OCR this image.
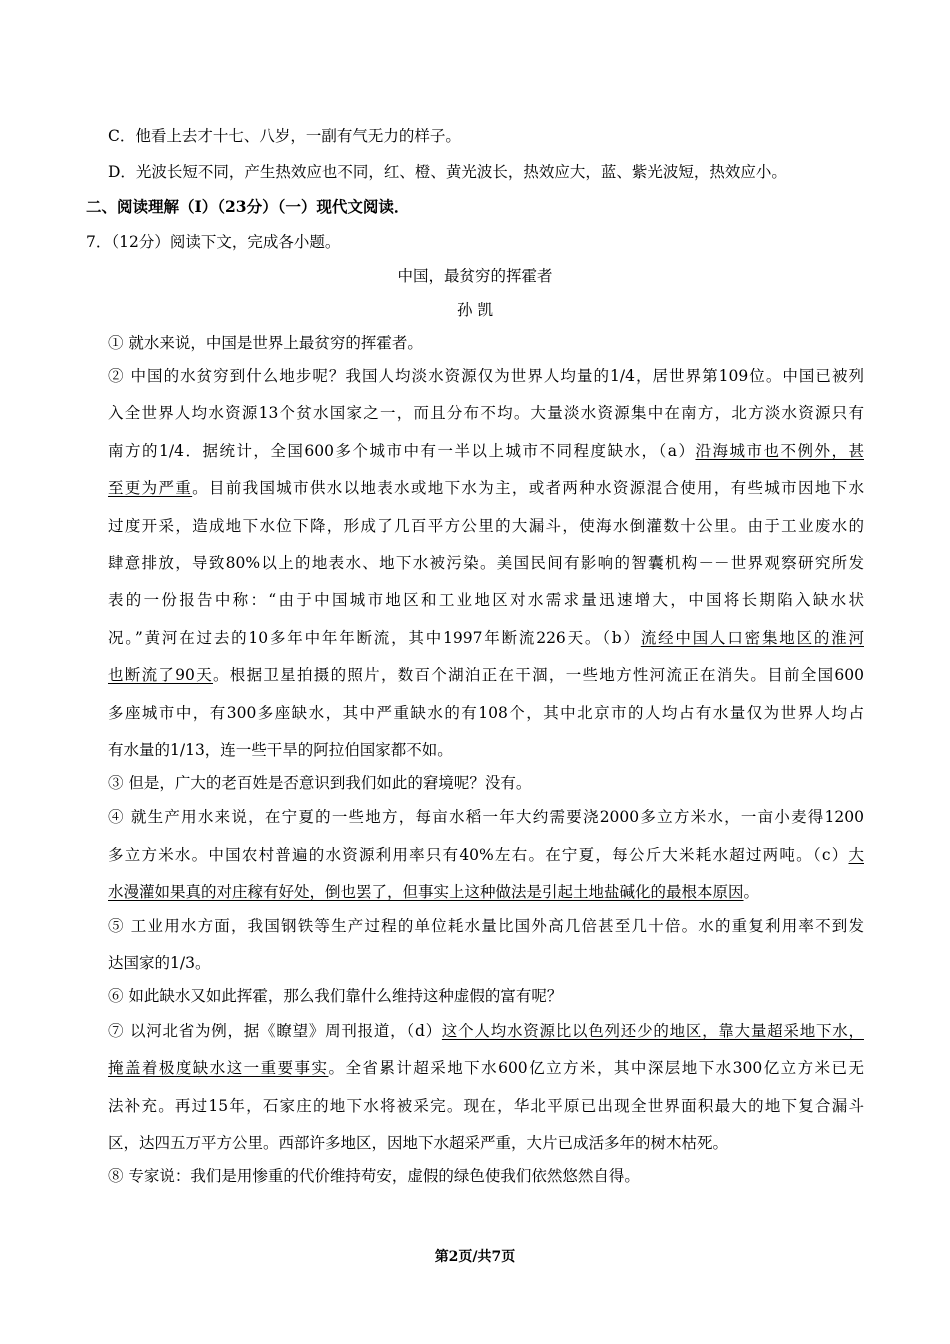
C．他看上去才十七、八岁，一副有气无力的样子。
D．光波长短不同，产生热效应也不同，红、橙、黄光波长，热效应大，蓝、紫光波短，热效应小。
二、阅读理解（Ⅰ）（23分）（一）现代文阅读．
7．（12分）阅读下文，完成各小题。
中国，最贫穷的挥霍者
孙 凯
① 就水来说，中国是世界上最贫穷的挥霍者。
② 中国的水贫穷到什么地步呢？我国人均淡水资源仅为世界人均量的1/4，居世界第109位。中国已被列
入全世界人均水资源13个贫水国家之一，而且分布不均。大量淡水资源集中在南方，北方淡水资源只有
南方的1/4．据统计，全国600多个城市中有一半以上城市不同程度缺水，（a）沿海城市也不例外，甚
至更为严重。目前我国城市供水以地表水或地下水为主，或者两种水资源混合使用，有些城市因地下水
过度开采，造成地下水位下降，形成了几百平方公里的大漏斗，使海水倒灌数十公里。由于工业废水的
肆意排放，导致80%以上的地表水、地下水被污染。美国民间有影响的智囊机构－－世界观察研究所发
表的一份报告中称：“由于中国城市地区和工业地区对水需求量迅速增大，中国将长期陷入缺水状
况。”黄河在过去的10多年中年年断流，其中1997年断流226天。（b）流经中国人口密集地区的淮河
也断流了90天。根据卫星拍摄的照片，数百个湖泊正在干涸，一些地方性河流正在消失。目前全国600
多座城市中，有300多座缺水，其中严重缺水的有108个，其中北京市的人均占有水量仅为世界人均占
有水量的1/13，连一些干旱的阿拉伯国家都不如。
③ 但是，广大的老百姓是否意识到我们如此的窘境呢？没有。
④ 就生产用水来说，在宁夏的一些地方，每亩水稻一年大约需要浇2000多立方米水，一亩小麦得1200
多立方米水。中国农村普遍的水资源利用率只有40%左右。在宁夏，每公斤大米耗水超过两吨。（c）大
水漫灌如果真的对庄稼有好处，倒也罢了，但事实上这种做法是引起土地盐碱化的最根本原因。
⑤ 工业用水方面，我国钢铁等生产过程的单位耗水量比国外高几倍甚至几十倍。水的重复利用率不到发
达国家的1/3。
⑥ 如此缺水又如此挥霍，那么我们靠什么维持这种虚假的富有呢？
⑦ 以河北省为例，据《瞭望》周刊报道，（d）这个人均水资源比以色列还少的地区，靠大量超采地下水，
掩盖着极度缺水这一重要事实。全省累计超采地下水600亿立方米，其中深层地下水300亿立方米已无
法补充。再过15年，石家庄的地下水将被采完。现在，华北平原已出现全世界面积最大的地下复合漏斗
区，达四五万平方公里。西部许多地区，因地下水超采严重，大片已成活多年的树木枯死。
⑧ 专家说：我们是用惨重的代价维持苟安，虚假的绿色使我们依然悠然自得。
第2页/共7页
